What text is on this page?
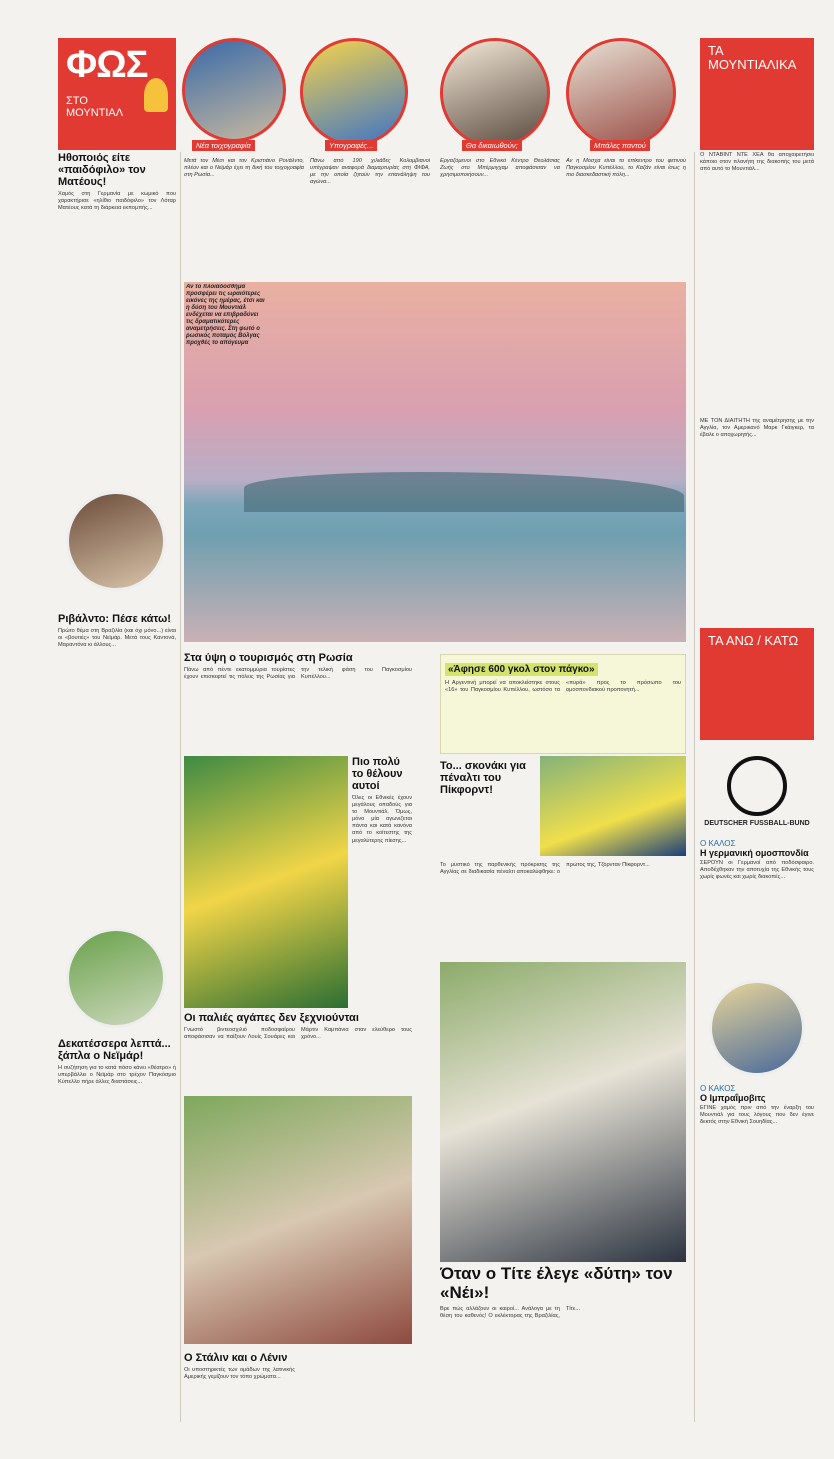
ΦΩΣ
ΣΤΟ ΜΟΥΝΤΙΑΛ
Νέα τοιχογραφία	Υπογραφές...	Θα δικαιωθούν;	Μπάλες παντού
ΤΑ ΜΟΥΝΤΙΑΛΙΚΑ
Ηθοποιός είτε «παιδόφιλο» τον Ματέους!

Χαμός στη Γερμανία με κωμικό που χαρακτήρισε «ηλίθιο παιδόφιλο» τον Λόταρ Ματέους κατά τη διάρκεια εκπομπής...

Ριβάλντο: Πέσε κάτω!

Πρώτο θέμα στη Βραζιλία (και όχι μόνο...) είναι οι «βουτιές» του Νεϊμάρ. Μετά τους Καντονά, Μαραντόνα κι άλλους...

Δεκατέσσερα λεπτά... ξάπλα ο Νεϊμάρ!

Η συζήτηση για το κατά πόσο κάνει «θέατρο» ή υπερβάλλει ο Νεϊμάρ στο τρέχον Παγκόσμιο Κύπελλο πήρε άλλες διαστάσεις...

Μετά τον Μέσι και τον Κριστιάνο Ρονάλντο, πλέον και ο Νεϊμάρ έχει τη δική του τοιχογραφία στη Ρωσία...
Πάνω από 190 χιλιάδες Κολομβιανοί υπέγραψαν αναφορά διαμαρτυρίας στη ΦΙΦΑ, με την οποία ζητούν την επανάληψη του αγώνα...
Εργαζόμενοι στο Εθνικό Κέντρο Θεολάσιας Ζωής στο Μπέρμιγχαμ αποφάσισαν να χρησιμοποιήσουν...
Αν η Μόσχα είναι το επίκεντρο του φετινού Παγκοσμίου Κυπέλλου, το Καζάν είναι ίσως η πιο διασκεδαστική πόλη...

Αν το πλοιάδοσθήμα προσφέρει τις ωραιότερες εικόνες της ημέρας, έτσι και η δύση του Μουντιάλ ενδέχεται να επιβραδύνει τις δραματικότερες αναμετρήσεις. Στη φωτό ο ρωσικός ποταμός Βόλγας προχθές το απόγευμα

Στα ύψη ο τουρισμός στη Ρωσία

Πάνω από πέντε εκατομμύρια τουρίστες έχουν επισκεφτεί τις πόλεις της Ρωσίας για την τελική φάση του Παγκοσμίου Κυπέλλου...

«Άφησε 600 γκολ στον πάγκο»

Η Αργεντινή μπορεί να αποκλείστηκε στους «16» του Παγκοσμίου Κυπέλλου, ωστόσο τα «πυρά» προς το πρόσωπο του ομοσπονδιακού προπονητή...

Πιο πολύ το θέλουν αυτοί

Όλες οι Εθνικές έχουν μεγάλους οπαδούς για το Μουντιάλ. Όμως, μόνο μία αγωνιζεται πάντα και κατά κανόνα από το κοίτεστης της μεγαλύτερης πίεσης...

Το... σκονάκι για πέναλτι του Πίκφορντ!

Το μυστικό της παρθενικής πρόκρισης της Αγγλίας σε διαδικασία πέναλτι αποκαλύφθηκε: ο πρώτος της, Τζόρνταν Πίκφορντ...

Οι παλιές αγάπες δεν ξεχνιούνται

Γνωστό βιντεοσχιλιό ποδοσφαίρου αποφάσισαν να παίξουν Λουίς Σουάρες και Μάρτιν Καμπάνια σταν ελεύθερο τους χρόνο...

Όταν ο Τίτε έλεγε «δύτη» τον «Νέι»!

Βρε πώς αλλάζουν οι καιροί... Ανάλογα με τη θέση του καθενός! Ο εκλέκτορας της Βραζιλίας, Τίτε...

Ο Στάλιν και ο Λένιν

Οι υποστηρικτές των ομάδων της λατινικής Αμερικής γεμίζουν τον τόπο χρώματα...

Ο ΝΤΑΒΙΝΤ ΝΤΕ ΧΕΑ θα αποχαιρετήσει κάποιο στον πλανήτη της διακοπής του μετά από αυτό το Μουντιάλ...

ΜΕ ΤΟΝ ΔΙΑΙΤΗΤΗ της αναμέτρησης με την Αγγλία, τον Αμερικανό Μαρκ Γκάιγκερ, τα έβαλε ο αποχωρητής...

ΤΑ ΑΝΩ / ΚΑΤΩ
DEUTSCHER FUSSBALL-BUND
Ο ΚΑΛΟΣ
Η γερμανική ομοσπονδία

ΣΕΡΟΥΝ οι Γερμανοί από ποδόσφαιρο. Αποδέχθηκαν την αποτυχία της Εθνικής τους χωρίς φωνές και χωρίς διακοπές...

Ο ΚΑΚΟΣ
Ο Ιμπραΐμοβιτς

ΕΓΙΝΕ χαμός πριν από την έναρξη του Μουντιάλ για τους λόγους που δεν έγινε δεκτός στην Εθνική Σουηδίας...
